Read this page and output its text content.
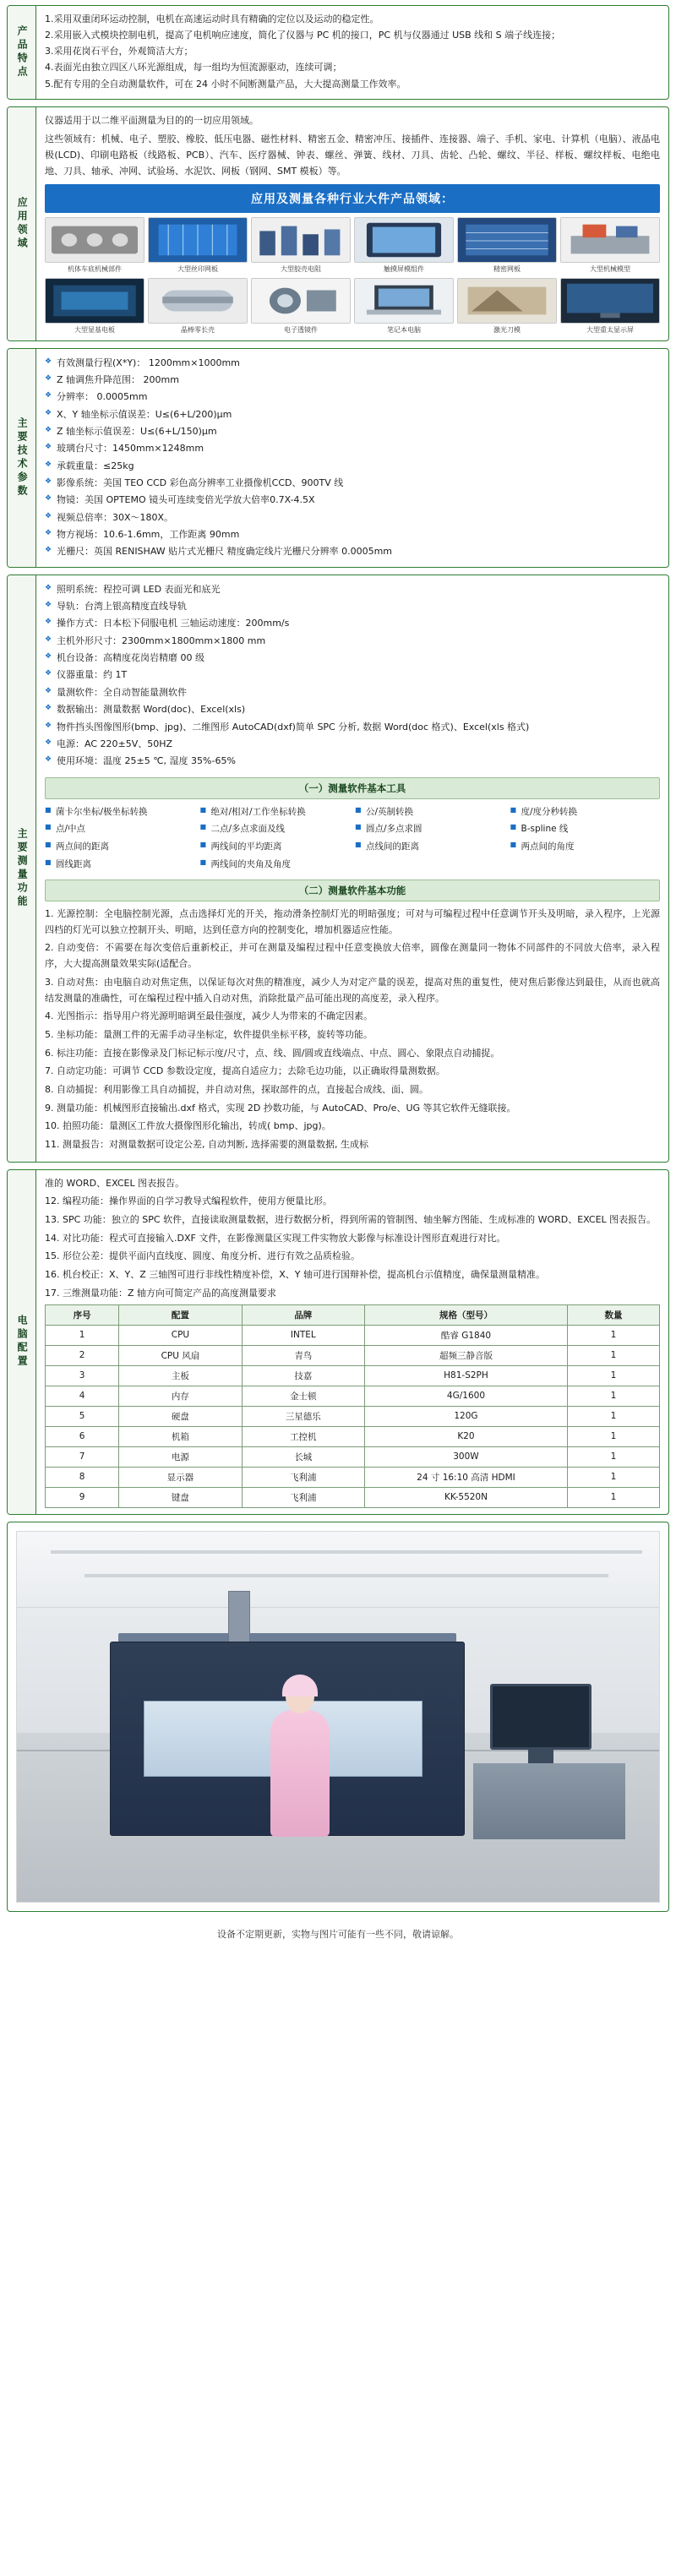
产品特点
1.采用双重闭环运动控制，电机在高速运动时具有精确的定位以及运动的稳定性。
2.采用嵌入式模块控制电机，提高了电机响应速度，简化了仪器与 PC 机的接口，PC 机与仪器通过 USB 线和 S 端子线连接；
3.采用花岗石平台，外观简洁大方；
4.表面光由独立四区八环光源组成，每一组均为恒流源驱动，连续可调；
5.配有专用的全自动测量软件，可在 24 小时不间断测量产品，大大提高测量工作效率。
应用领域

仪器适用于以二维平面测量为目的的一切应用领域。

这些领域有：机械、电子、塑胶、橡胶、低压电器、磁性材料、精密五金、精密冲压、接插件、连接器、端子、手机、家电、计算机（电脑）、液晶电极(LCD)、印刷电路板（线路板、PCB）、汽车、医疗器械、钟表、螺丝、弹簧、线材、刀具、齿轮、凸轮、螺纹、半径、样板、螺纹样板、电绝电地、刀具、轴承、冲网、试验场、水泥饮、网板（钢网、SMT 模板）等。

应用及测量各种行业大件产品领域：
机体车底机械部件	大型丝印网板	大型胶壳电阻	触摸屏模组件	精密网板	大型机械模型
大型显基电板	晶棒零长壳	电子透镜件	笔记本电脑	激光刀模	大型重太显示屏
主要技术参数
❖ 有效测量行程(X*Y)： 1200mm×1000mm
❖ Z 轴调焦升降范围： 200mm
❖ 分辨率： 0.0005mm
❖ X、Y 轴坐标示值误差：U≤(6+L/200)μm
❖ Z 轴坐标示值误差：U≤(6+L/150)μm
❖ 玻璃台尺寸：1450mm×1248mm
❖ 承载重量：≤25kg
❖ 影像系统：美国 TEO CCD 彩色高分辨率工业摄像机CCD、900TV 线
❖ 物镜：美国 OPTEMO 镜头可连续变倍光学放大倍率0.7X-4.5X
❖ 视频总倍率：30X～180X。
❖ 物方视场：10.6-1.6mm，工作距离 90mm
❖ 光栅尺：英国 RENISHAW 贴片式光栅尺 精度确定线片光栅尺分辨率 0.0005mm
主要测量功能
❖ 照明系统：程控可调 LED 表面光和底光
❖ 导轨：台湾上银高精度直线导轨
❖ 操作方式：日本松下伺服电机 三轴运动速度：200mm/s
❖ 主机外形尺寸：2300mm×1800mm×1800 mm
❖ 机台设备：高精度花岗岩精磨 00 级
❖ 仪器重量：约 1T
❖ 量测软件：全自动智能量测软件
❖ 数据输出：测量数据 Word(doc)、Excel(xls)
❖ 物件挡头图像图形(bmp、jpg)、二维图形 AutoCAD(dxf)简单 SPC 分析, 数据 Word(doc 格式)、Excel(xls 格式)
❖ 电源：AC 220±5V、50HZ
❖ 使用环境：温度 25±5 ℃, 湿度 35%-65%
（一）测量软件基本工具
■ 菌卡尔坐标/极坐标转换	■ 绝对/相对/工作坐标转换	■ 公/英制转换	■ 度/度分秒转换
■ 点/中点	■ 二点/多点求面及线	■ 圆点/多点求圆	■ B-spline 线
■ 两点间的距离	■ 两线间的平均距离	■ 点线间的距离	■ 两点间的角度
■ 圆线距离	■ 两线间的夹角及角度
（二）测量软件基本功能
1. 光源控制：全电脑控制光源，点击选择灯光的开关，拖动滑条控制灯光的明暗强度；可对与可编程过程中任意调节开头及明暗，录入程序，上光源四档的灯光可以独立控制开头、明暗，达到任意方向的控制变化，增加机器适应性能。
2. 自动变倍：不需要在每次变倍后重新校正，并可在测量及编程过程中任意变换放大倍率，圆像在测量同一物体不同部件的不同放大倍率，录入程序，大大提高测量效果实际(适配合。
3. 自动对焦：由电脑自动对焦定焦，以保证每次对焦的精准度，减少人为对定产量的误差，提高对焦的重复性，使对焦后影像达到最佳，从而也就高结发测量的准确性，可在编程过程中插入自动对焦，消除批量产品可能出现的高度差，录入程序。
4. 光图指示：指导用户将光源明暗调至最佳强度，减少人为带来的不确定因素。
5. 坐标功能：量测工件的无需手动寻坐标定，软件提供坐标平移，旋转等功能。
6. 标注功能：直接在影像录及门标记标示度/尺寸，点、线、圆/圆或直线端点、中点、圆心、象限点自动捕捉。
7. 自动定功能：可调节 CCD 参数设定度，提高自适应力；去除毛边功能，以正确取得量测数据。
8. 自动捕捉：利用影像工具自动捕捉，并自动对焦，探取部件的点，直接起合成线、面、圆。
9. 测量功能：机械图形直接输出.dxf 格式，实现 2D 抄数功能，与 AutoCAD、Pro/e、UG 等其它软件无缝联接。
10. 拍照功能：量测区工件放大摄像图形化输出，转成( bmp、jpg)。
11. 测量报告：对测量数据可设定公差, 自动判断, 选择需要的测量数据, 生成标
电脑配置
准的 WORD、EXCEL 图表报告。
12. 编程功能：操作界面的自学习教导式编程软件，使用方便量比形。
13. SPC 功能：独立的 SPC 软件，直接读取测量数据，进行数据分析，得到所需的管制图、轴坐解方图能、生成标准的 WORD、EXCEL 图表报告。
14. 对比功能：程式可直接输入.DXF 文件，在影像测量区实现工件实物放大影像与标准设计图形直观进行对比。
15. 形位公差：提供平面内直线度、圆度、角度分析、进行有效之品质检验。
16. 机台校正：X、Y、Z 三轴图可进行非线性精度补偿，X、Y 轴可进行国辩补偿，提高机台示值精度，确保量测量精准。
17. 三维测量功能：Z 轴方向可简定产品的高度测量要求
序号	配置	品牌	规格（型号）	数量
1	CPU	INTEL	酷睿 G1840	1
2	CPU 风扇	青鸟	超频三静音版	1
3	主板	技嘉	H81-S2PH	1
4	内存	金士顿	4G/1600	1
5	硬盘	三星德乐	120G	1
6	机箱	工控机	K20	1
7	电源	长城	300W	1
8	显示器	飞利浦	24 寸 16:10 高清 HDMI	1
9	键盘	飞利浦	KK-5520N	1
设备不定期更新，实物与图片可能有一些不同，敬请谅解。
